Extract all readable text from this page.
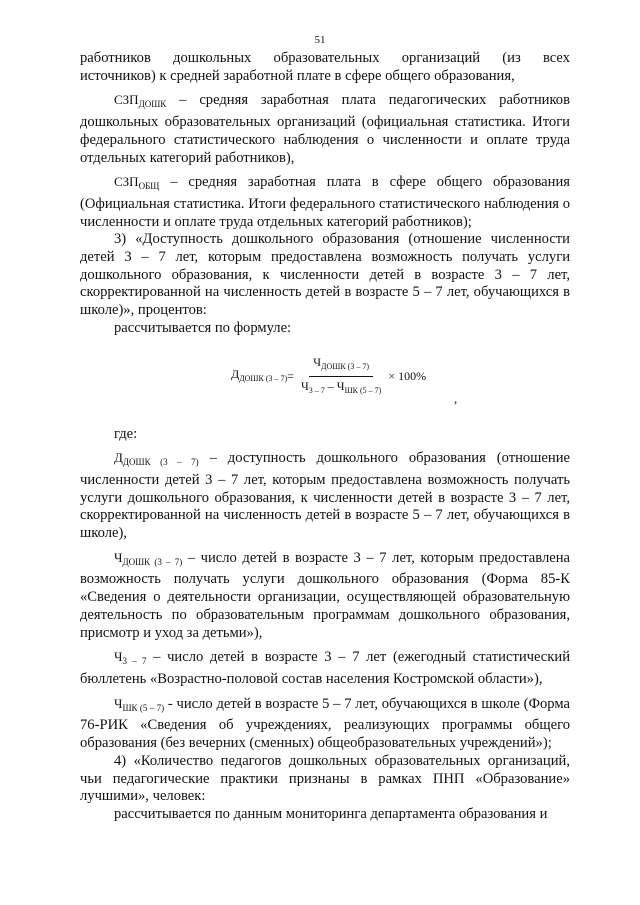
51

работников дошкольных образовательных организаций (из всех

источников) к средней заработной плате в сфере общего образования,

$СЗП_{ДОШК}$ – средняя заработная плата педагогических работников дошкольных образовательных организаций (официальная статистика. Итоги федерального статистического наблюдения о численности и оплате труда отдельных категорий работников),

$СЗП_{ОБЩ}$ – средняя заработная плата в сфере общего образования (Официальная статистика. Итоги федерального статистического наблюдения о численности и оплате труда отдельных категорий работников);

3) «Доступность дошкольного образования (отношение численности детей 3 – 7 лет, которым предоставлена возможность получать услуги дошкольного образования, к численности детей в возрасте 3 – 7 лет, скорректированной на численность детей в возрасте 5 – 7 лет, обучающихся в школе)», процентов:

рассчитывается по формуле:

$Д_{ДОШК (3 - 7)} = \frac{Ч_{ДОШК (3 - 7)}}{Ч_{3 - 7} - Ч_{ШК (5 - 7)}} \times 100\%$
,

где:

$Д_{ДОШК (3 - 7)}$ – доступность дошкольного образования (отношение численности детей 3 – 7 лет, которым предоставлена возможность получать услуги дошкольного образования, к численности детей в возрасте 3 – 7 лет, скорректированной на численность детей в возрасте 5 – 7 лет, обучающихся в школе),

$Ч_{ДОШК (3 - 7)}$ – число детей в возрасте 3 – 7 лет, которым предоставлена возможность получать услуги дошкольного образования (Форма 85-К «Сведения о деятельности организации, осуществляющей образовательную деятельность по образовательным программам дошкольного образования, присмотр и уход за детьми»),

$Ч_{3 - 7}$ – число детей в возрасте 3 – 7 лет (ежегодный статистический бюллетень «Возрастно-половой состав населения Костромской области»),

$Ч_{ШК (5 - 7)}$ - число детей в возрасте 5 – 7 лет, обучающихся в школе (Форма 76-РИК «Сведения об учреждениях, реализующих программы общего образования (без вечерних (сменных) общеобразовательных учреждений»);

4) «Количество педагогов дошкольных образовательных организаций, чьи педагогические практики признаны в рамках ПНП «Образование» лучшими», человек:

рассчитывается по данным мониторинга департамента образования и
